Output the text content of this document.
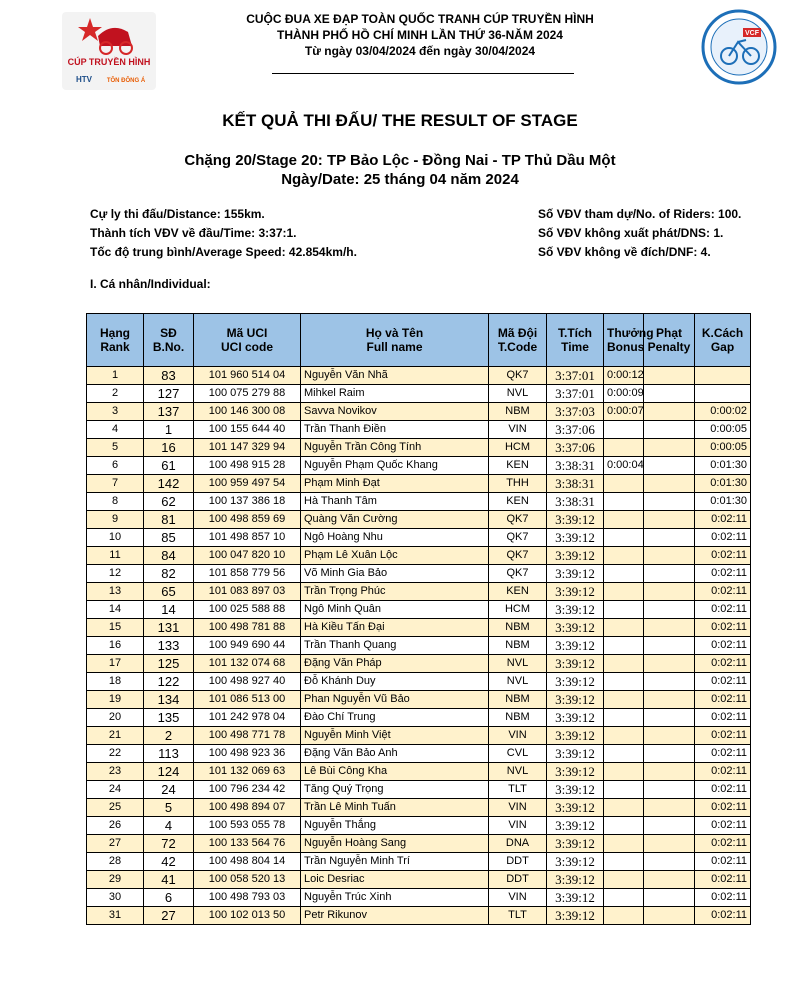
CÚP TRUYỀN HÌNH
HTV TÔN ĐÔNG Á
CUỘC ĐUA XE ĐẠP TOÀN QUỐC TRANH CÚP TRUYỀN HÌNH
THÀNH PHỐ HỒ CHÍ MINH LẦN THỨ 36-NĂM 2024
Từ ngày 03/04/2024 đến ngày 30/04/2024
VCF
KẾT QUẢ THI ĐẤU/ THE RESULT OF STAGE
Chặng 20/Stage 20: TP Bảo Lộc - Đồng Nai - TP Thủ Dầu Một
Ngày/Date: 25 tháng 04 năm 2024
Cự ly thi đấu/Distance: 155km.
Thành tích VĐV về đầu/Time: 3:37:1.
Tốc độ trung bình/Average Speed: 42.854km/h.
Số VĐV tham dự/No. of Riders: 100.
Số VĐV không xuất phát/DNS: 1.
Số VĐV không về đích/DNF: 4.
I. Cá nhân/Individual:
Hạng
Rank	SĐ
B.No.	Mã UCI
UCI code	Họ và Tên
Full name	Mã Đội
T.Code	T.Tích
Time	Thưởng
Bonus	Phạt
Penalty	K.Cách
Gap
1	83	101 960 514 04	Nguyễn Văn Nhã	QK7	3:37:01	0:00:12		
2	127	100 075 279 88	Mihkel Raim	NVL	3:37:01	0:00:09		
3	137	100 146 300 08	Savva Novikov	NBM	3:37:03	0:00:07		0:00:02
4	1	100 155 644 40	Trần Thanh Điền	VIN	3:37:06			0:00:05
5	16	101 147 329 94	Nguyễn Trần Công Tính	HCM	3:37:06			0:00:05
6	61	100 498 915 28	Nguyễn Phạm Quốc Khang	KEN	3:38:31	0:00:04		0:01:30
7	142	100 959 497 54	Phạm Minh Đạt	THH	3:38:31			0:01:30
8	62	100 137 386 18	Hà Thanh Tâm	KEN	3:38:31			0:01:30
9	81	100 498 859 69	Quàng Văn Cường	QK7	3:39:12			0:02:11
10	85	101 498 857 10	Ngô Hoàng Nhu	QK7	3:39:12			0:02:11
11	84	100 047 820 10	Phạm Lê Xuân Lộc	QK7	3:39:12			0:02:11
12	82	101 858 779 56	Võ Minh Gia Bảo	QK7	3:39:12			0:02:11
13	65	101 083 897 03	Trần Trọng Phúc	KEN	3:39:12			0:02:11
14	14	100 025 588 88	Ngô Minh Quân	HCM	3:39:12			0:02:11
15	131	100 498 781 88	Hà Kiều Tấn Đại	NBM	3:39:12			0:02:11
16	133	100 949 690 44	Trần Thanh Quang	NBM	3:39:12			0:02:11
17	125	101 132 074 68	Đặng Văn Pháp	NVL	3:39:12			0:02:11
18	122	100 498 927 40	Đỗ Khánh Duy	NVL	3:39:12			0:02:11
19	134	101 086 513 00	Phan Nguyễn Vũ Bảo	NBM	3:39:12			0:02:11
20	135	101 242 978 04	Đào Chí Trung	NBM	3:39:12			0:02:11
21	2	100 498 771 78	Nguyễn Minh Việt	VIN	3:39:12			0:02:11
22	113	100 498 923 36	Đặng Văn Bảo Anh	CVL	3:39:12			0:02:11
23	124	101 132 069 63	Lê Bùi Công Kha	NVL	3:39:12			0:02:11
24	24	100 796 234 42	Tăng Quý Trọng	TLT	3:39:12			0:02:11
25	5	100 498 894 07	Trần Lê Minh Tuấn	VIN	3:39:12			0:02:11
26	4	100 593 055 78	Nguyễn Thắng	VIN	3:39:12			0:02:11
27	72	100 133 564 76	Nguyễn Hoàng Sang	DNA	3:39:12			0:02:11
28	42	100 498 804 14	Trần Nguyễn Minh Trí	DDT	3:39:12			0:02:11
29	41	100 058 520 13	Loic Desriac	DDT	3:39:12			0:02:11
30	6	100 498 793 03	Nguyễn Trúc Xinh	VIN	3:39:12			0:02:11
31	27	100 102 013 50	Petr Rikunov	TLT	3:39:12			0:02:11
